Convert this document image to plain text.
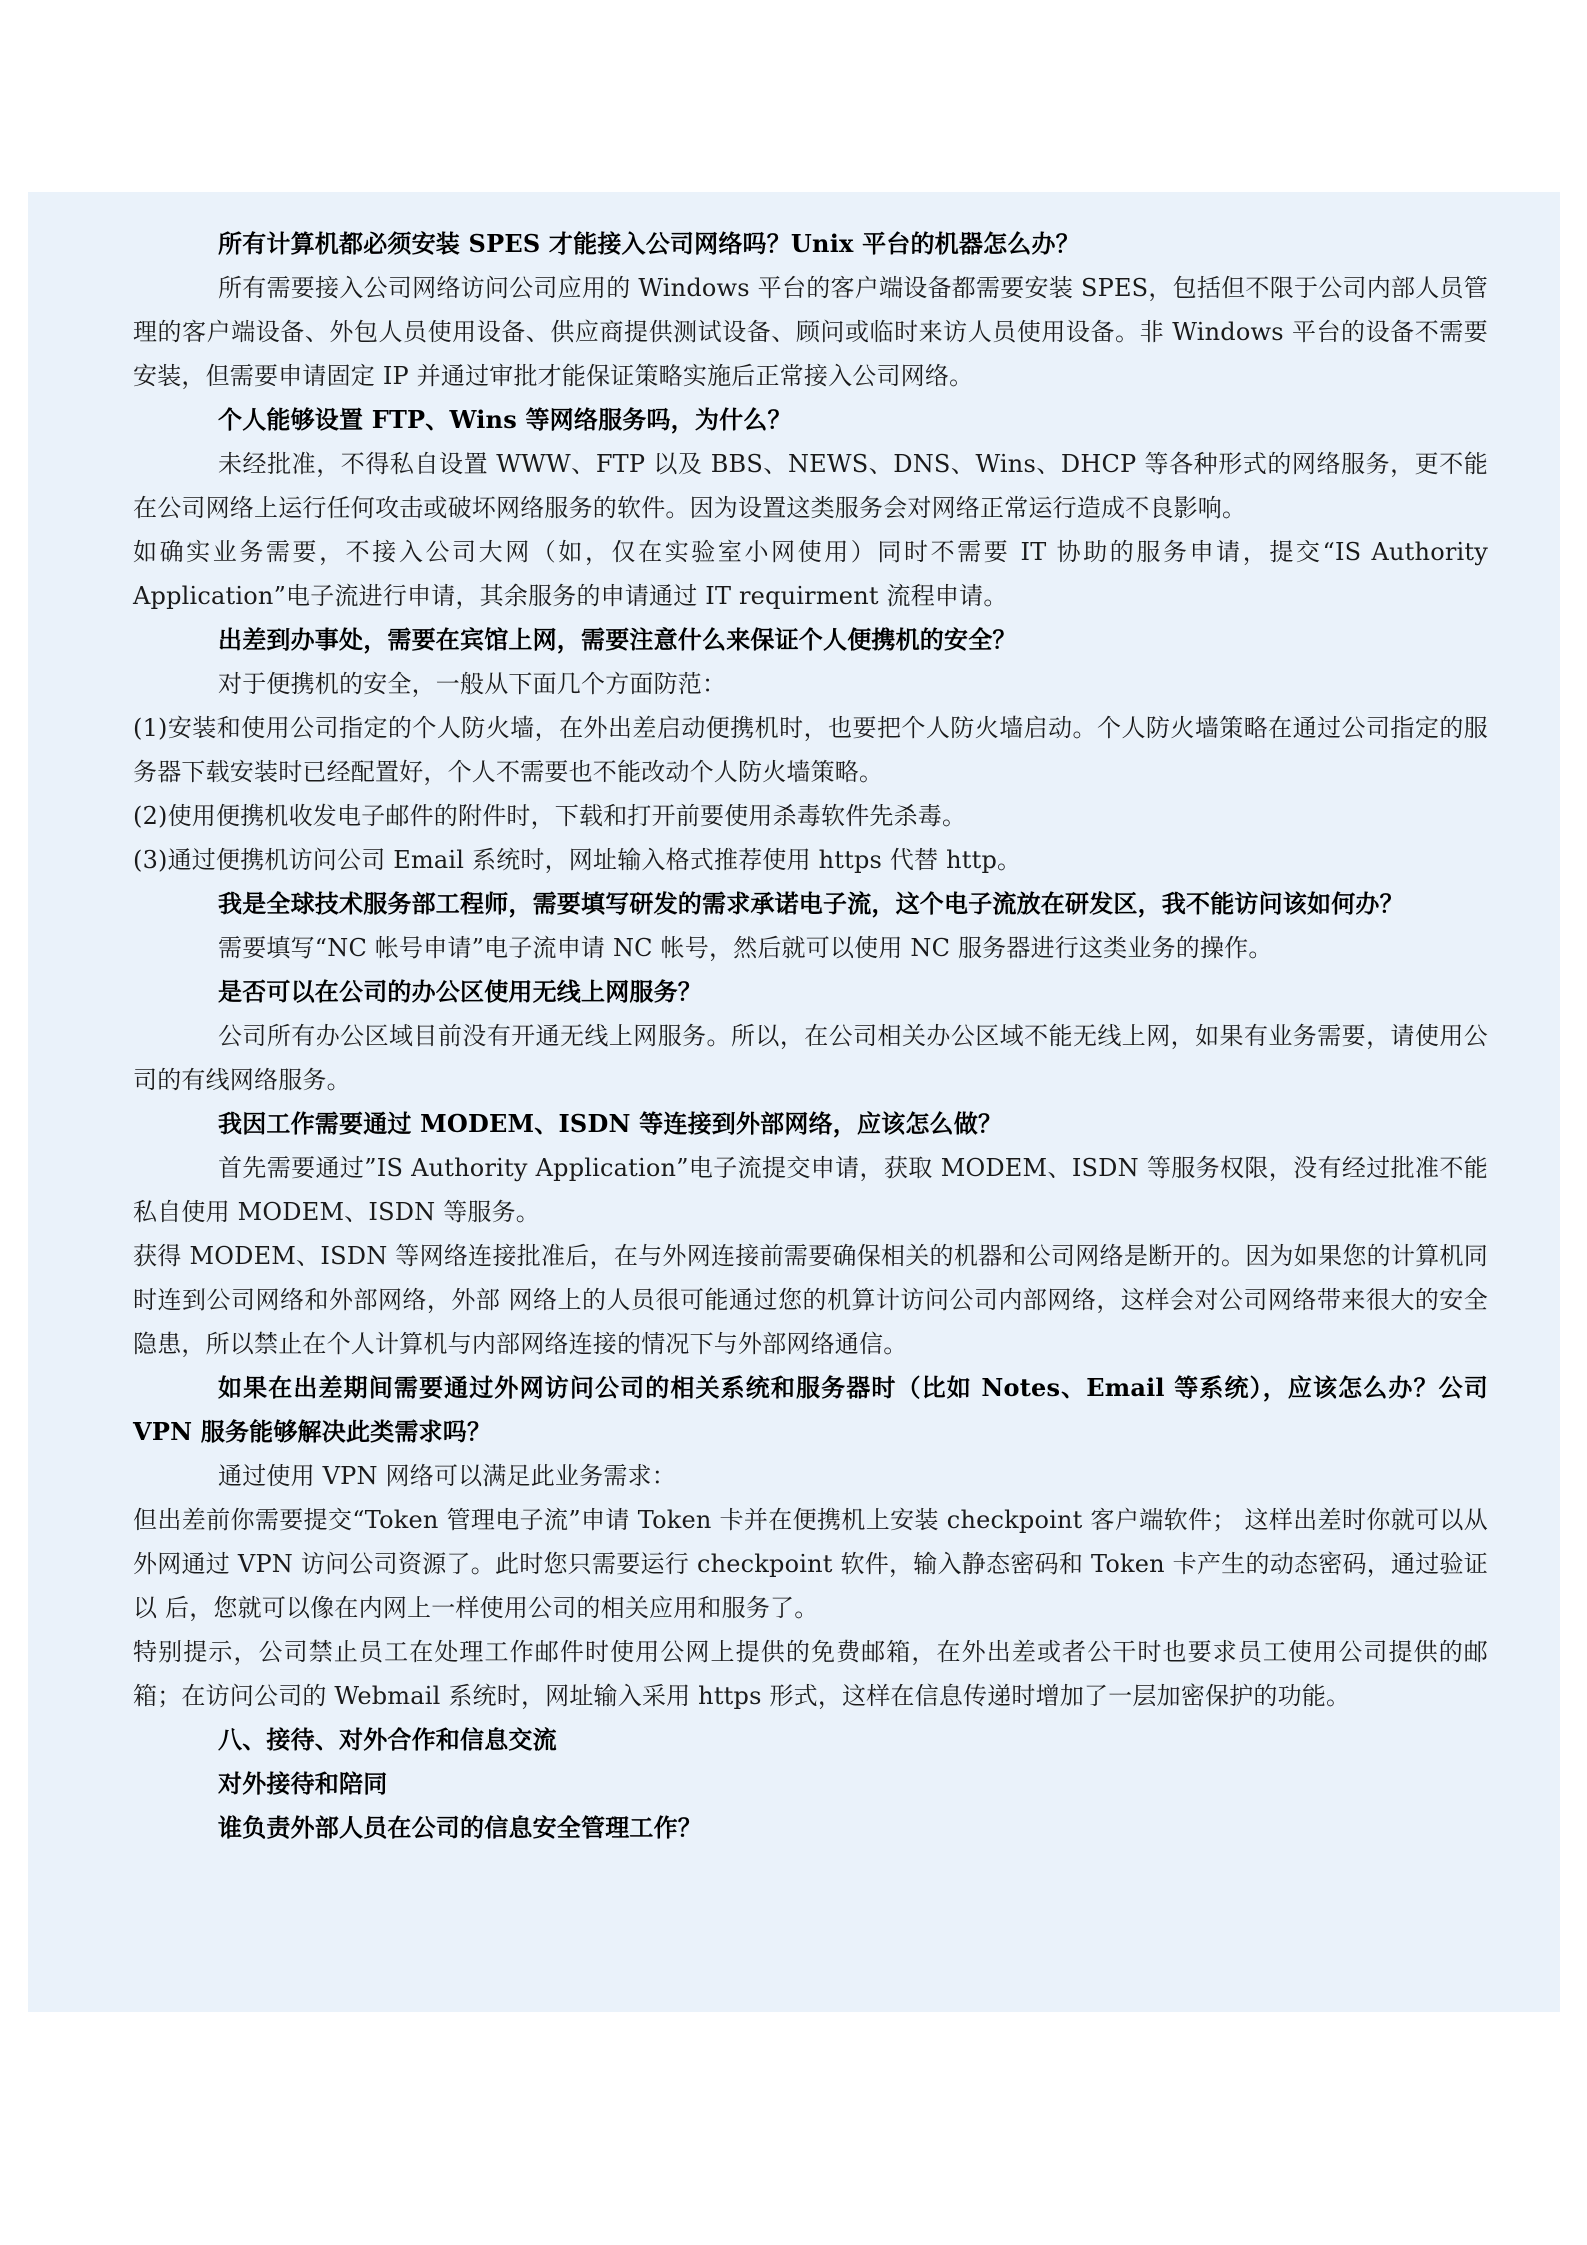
所有计算机都必须安装 SPES 才能接入公司网络吗？Unix 平台的机器怎么办？

所有需要接入公司网络访问公司应用的 Windows 平台的客户端设备都需要安装 SPES，包括但不限于公司内部人员管理的客户端设备、外包人员使用设备、供应商提供测试设备、顾问或临时来访人员使用设备。非 Windows 平台的设备不需要安装，但需要申请固定 IP 并通过审批才能保证策略实施后正常接入公司网络。

个人能够设置 FTP、Wins 等网络服务吗，为什么？

未经批准，不得私自设置 WWW、FTP 以及 BBS、NEWS、DNS、Wins、DHCP 等各种形式的网络服务，更不能在公司网络上运行任何攻击或破坏网络服务的软件。因为设置这类服务会对网络正常运行造成不良影响。

如确实业务需要，不接入公司大网（如，仅在实验室小网使用）同时不需要 IT 协助的服务申请，提交“IS Authority Application”电子流进行申请，其余服务的申请通过 IT requirment 流程申请。

出差到办事处，需要在宾馆上网，需要注意什么来保证个人便携机的安全？

对于便携机的安全，一般从下面几个方面防范：

(1)安装和使用公司指定的个人防火墙，在外出差启动便携机时，也要把个人防火墙启动。个人防火墙策略在通过公司指定的服务器下载安装时已经配置好，个人不需要也不能改动个人防火墙策略。

(2)使用便携机收发电子邮件的附件时，下载和打开前要使用杀毒软件先杀毒。

(3)通过便携机访问公司 Email 系统时，网址输入格式推荐使用 https 代替 http。

我是全球技术服务部工程师，需要填写研发的需求承诺电子流，这个电子流放在研发区，我不能访问该如何办？

需要填写“NC 帐号申请”电子流申请 NC 帐号，然后就可以使用 NC 服务器进行这类业务的操作。

是否可以在公司的办公区使用无线上网服务？

公司所有办公区域目前没有开通无线上网服务。所以，在公司相关办公区域不能无线上网，如果有业务需要，请使用公司的有线网络服务。

我因工作需要通过 MODEM、ISDN 等连接到外部网络，应该怎么做？

首先需要通过”IS Authority Application”电子流提交申请，获取 MODEM、ISDN 等服务权限，没有经过批准不能私自使用 MODEM、ISDN 等服务。

获得 MODEM、ISDN 等网络连接批准后，在与外网连接前需要确保相关的机器和公司网络是断开的。因为如果您的计算机同时连到公司网络和外部网络，外部 网络上的人员很可能通过您的机算计访问公司内部网络，这样会对公司网络带来很大的安全隐患，所以禁止在个人计算机与内部网络连接的情况下与外部网络通信。

如果在出差期间需要通过外网访问公司的相关系统和服务器时（比如 Notes、Email 等系统），应该怎么办？公司 VPN 服务能够解决此类需求吗？

通过使用 VPN 网络可以满足此业务需求：

但出差前你需要提交“Token 管理电子流”申请 Token 卡并在便携机上安装 checkpoint 客户端软件； 这样出差时你就可以从外网通过 VPN 访问公司资源了。此时您只需要运行 checkpoint 软件，输入静态密码和 Token 卡产生的动态密码，通过验证以 后，您就可以像在内网上一样使用公司的相关应用和服务了。

特别提示，公司禁止员工在处理工作邮件时使用公网上提供的免费邮箱，在外出差或者公干时也要求员工使用公司提供的邮箱；在访问公司的 Webmail 系统时，网址输入采用 https 形式，这样在信息传递时增加了一层加密保护的功能。

八、接待、对外合作和信息交流

对外接待和陪同

谁负责外部人员在公司的信息安全管理工作？
